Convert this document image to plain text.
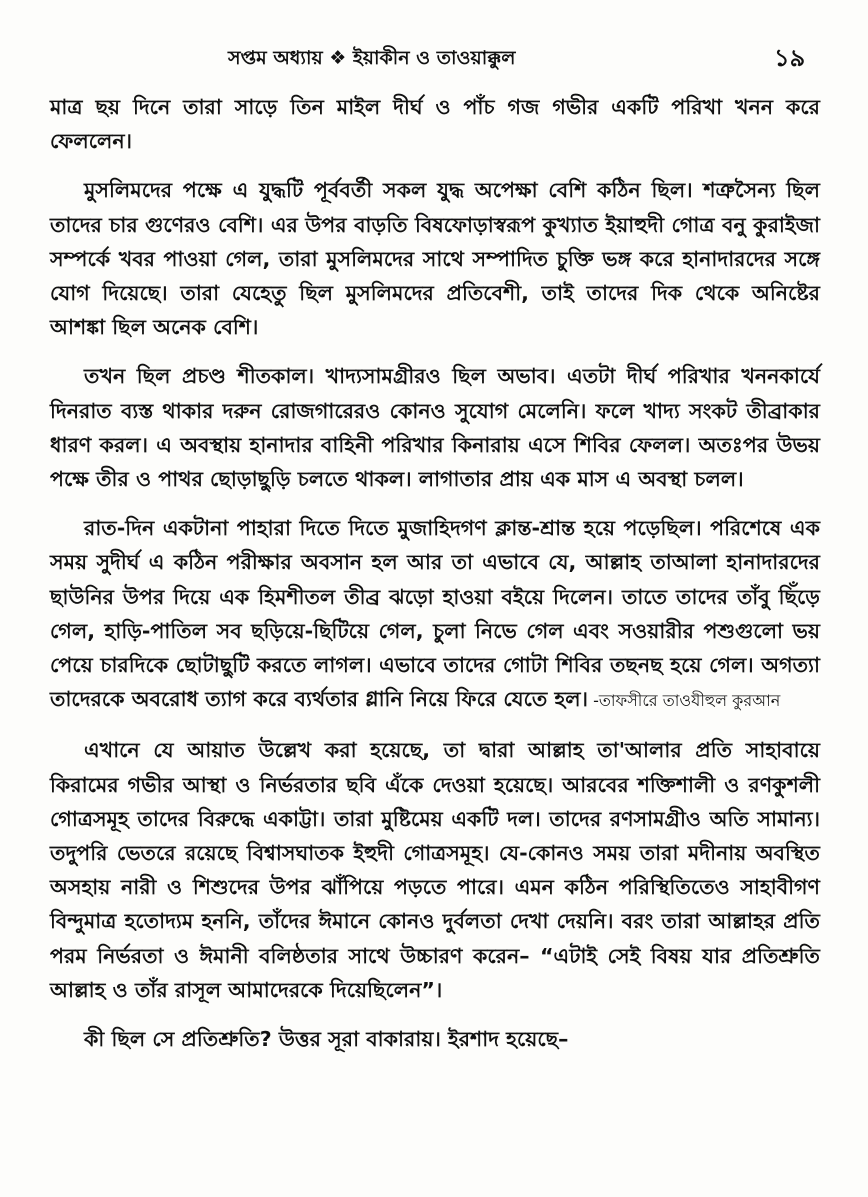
সপ্তম অধ্যায় ❖ ইয়াকীন ও তাওয়াক্কুল	১৯

মাত্র ছয় দিনে তারা সাড়ে তিন মাইল দীর্ঘ ও পাঁচ গজ গভীর একটি পরিখা খনন করে ফেললেন।

মুসলিমদের পক্ষে এ যুদ্ধটি পূর্ববর্তী সকল যুদ্ধ অপেক্ষা বেশি কঠিন ছিল। শত্রুসৈন্য ছিল তাদের চার গুণেরও বেশি। এর উপর বাড়তি বিষফোড়াস্বরূপ কুখ্যাত ইয়াহুদী গোত্র বনু কুরাইজা সম্পর্কে খবর পাওয়া গেল, তারা মুসলিমদের সাথে সম্পাদিত চুক্তি ভঙ্গ করে হানাদারদের সঙ্গে যোগ দিয়েছে। তারা যেহেতু ছিল মুসলিমদের প্রতিবেশী, তাই তাদের দিক থেকে অনিষ্টের আশঙ্কা ছিল অনেক বেশি।

তখন ছিল প্রচণ্ড শীতকাল। খাদ্যসামগ্রীরও ছিল অভাব। এতটা দীর্ঘ পরিখার খননকার্যে দিনরাত ব্যস্ত থাকার দরুন রোজগারেরও কোনও সুযোগ মেলেনি। ফলে খাদ্য সংকট তীব্রাকার ধারণ করল। এ অবস্থায় হানাদার বাহিনী পরিখার কিনারায় এসে শিবির ফেলল। অতঃপর উভয় পক্ষে তীর ও পাথর ছোড়াছুড়ি চলতে থাকল। লাগাতার প্রায় এক মাস এ অবস্থা চলল।

রাত-দিন একটানা পাহারা দিতে দিতে মুজাহিদগণ ক্লান্ত-শ্রান্ত হয়ে পড়েছিল। পরিশেষে এক সময় সুদীর্ঘ এ কঠিন পরীক্ষার অবসান হল আর তা এভাবে যে, আল্লাহ তাআলা হানাদারদের ছাউনির উপর দিয়ে এক হিমশীতল তীব্র ঝড়ো হাওয়া বইয়ে দিলেন। তাতে তাদের তাঁবু ছিঁড়ে গেল, হাড়ি-পাতিল সব ছড়িয়ে-ছিটিয়ে গেল, চুলা নিভে গেল এবং সওয়ারীর পশুগুলো ভয় পেয়ে চারদিকে ছোটাছুটি করতে লাগল। এভাবে তাদের গোটা শিবির তছনছ হয়ে গেল। অগত্যা তাদেরকে অবরোধ ত্যাগ করে ব্যর্থতার গ্লানি নিয়ে ফিরে যেতে হল। -তাফসীরে তাওযীহুল কুরআন

এখানে যে আয়াত উল্লেখ করা হয়েছে, তা দ্বারা আল্লাহ তা'আলার প্রতি সাহাবায়ে কিরামের গভীর আস্থা ও নির্ভরতার ছবি এঁকে দেওয়া হয়েছে। আরবের শক্তিশালী ও রণকুশলী গোত্রসমূহ তাদের বিরুদ্ধে একাট্টা। তারা মুষ্টিমেয় একটি দল। তাদের রণসামগ্রীও অতি সামান্য। তদুপরি ভেতরে রয়েছে বিশ্বাসঘাতক ইহুদী গোত্রসমূহ। যে-কোনও সময় তারা মদীনায় অবস্থিত অসহায় নারী ও শিশুদের উপর ঝাঁপিয়ে পড়তে পারে। এমন কঠিন পরিস্থিতিতেও সাহাবীগণ বিন্দুমাত্র হতোদ্যম হননি, তাঁদের ঈমানে কোনও দুর্বলতা দেখা দেয়নি। বরং তারা আল্লাহর প্রতি পরম নির্ভরতা ও ঈমানী বলিষ্ঠতার সাথে উচ্চারণ করেন– “এটাই সেই বিষয় যার প্রতিশ্রুতি আল্লাহ ও তাঁর রাসূল আমাদেরকে দিয়েছিলেন”।

কী ছিল সে প্রতিশ্রুতি? উত্তর সূরা বাকারায়। ইরশাদ হয়েছে–
